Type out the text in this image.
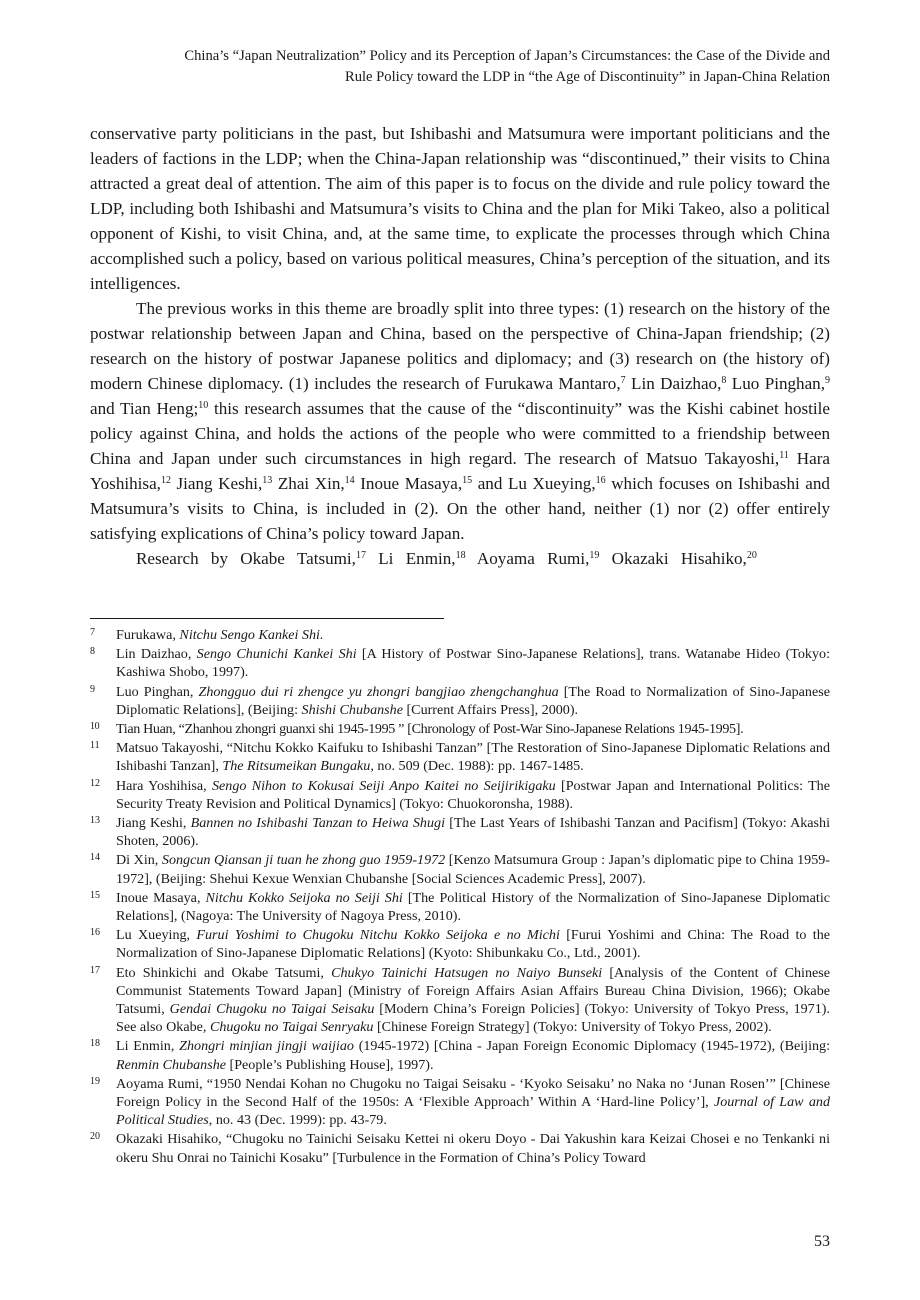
China’s “Japan Neutralization” Policy and its Perception of Japan’s Circumstances: the Case of the Divide and
Rule Policy toward the LDP in “the Age of Discontinuity” in Japan-China Relation

conservative party politicians in the past, but Ishibashi and Matsumura were important politicians and the leaders of factions in the LDP; when the China-Japan relationship was “discontinued,” their visits to China attracted a great deal of attention. The aim of this paper is to focus on the divide and rule policy toward the LDP, including both Ishibashi and Matsumura’s visits to China and the plan for Miki Takeo, also a political opponent of Kishi, to visit China, and, at the same time, to explicate the processes through which China accomplished such a policy, based on various political measures, China’s perception of the situation, and its intelligences.

The previous works in this theme are broadly split into three types: (1) research on the history of the postwar relationship between Japan and China, based on the perspective of China-Japan friendship; (2) research on the history of postwar Japanese politics and diplomacy; and (3) research on (the history of) modern Chinese diplomacy. (1) includes the research of Furukawa Mantaro,$^7$ Lin Daizhao,$^8$ Luo Pinghan,$^9$ and Tian Heng;$^{10}$ this research assumes that the cause of the “discontinuity” was the Kishi cabinet hostile policy against China, and holds the actions of the people who were committed to a friendship between China and Japan under such circumstances in high regard. The research of Matsuo Takayoshi,$^{11}$ Hara Yoshihisa,$^{12}$ Jiang Keshi,$^{13}$ Zhai Xin,$^{14}$ Inoue Masaya,$^{15}$ and Lu Xueying,$^{16}$ which focuses on Ishibashi and Matsumura’s visits to China, is included in (2). On the other hand, neither (1) nor (2) offer entirely satisfying explications of China’s policy toward Japan.

Research by Okabe Tatsumi,$^{17}$ Li Enmin,$^{18}$ Aoyama Rumi,$^{19}$ Okazaki Hisahiko,$^{20}$

7 Furukawa, Nitchu Sengo Kankei Shi.
8 Lin Daizhao, Sengo Chunichi Kankei Shi [A History of Postwar Sino-Japanese Relations], trans. Watanabe Hideo (Tokyo: Kashiwa Shobo, 1997).
9 Luo Pinghan, Zhongguo dui ri zhengce yu zhongri bangjiao zhengchanghua [The Road to Normalization of Sino-Japanese Diplomatic Relations], (Beijing: Shishi Chubanshe [Current Affairs Press], 2000).
10 Tian Huan, “Zhanhou zhongri guanxi shi 1945-1995 ” [Chronology of Post-War Sino-Japanese Relations 1945-1995].
11 Matsuo Takayoshi, “Nitchu Kokko Kaifuku to Ishibashi Tanzan” [The Restoration of Sino-Japanese Diplomatic Relations and Ishibashi Tanzan], The Ritsumeikan Bungaku, no. 509 (Dec. 1988): pp. 1467-1485.
12 Hara Yoshihisa, Sengo Nihon to Kokusai Seiji Anpo Kaitei no Seijirikigaku [Postwar Japan and International Politics: The Security Treaty Revision and Political Dynamics] (Tokyo: Chuokoronsha, 1988).
13 Jiang Keshi, Bannen no Ishibashi Tanzan to Heiwa Shugi [The Last Years of Ishibashi Tanzan and Pacifism] (Tokyo: Akashi Shoten, 2006).
14 Di Xin, Songcun Qiansan ji tuan he zhong guo 1959-1972 [Kenzo Matsumura Group : Japan’s diplomatic pipe to China 1959-1972], (Beijing: Shehui Kexue Wenxian Chubanshe [Social Sciences Academic Press], 2007).
15 Inoue Masaya, Nitchu Kokko Seijoka no Seiji Shi [The Political History of the Normalization of Sino-Japanese Diplomatic Relations], (Nagoya: The University of Nagoya Press, 2010).
16 Lu Xueying, Furui Yoshimi to Chugoku Nitchu Kokko Seijoka e no Michi [Furui Yoshimi and China: The Road to the Normalization of Sino-Japanese Diplomatic Relations] (Kyoto: Shibunkaku Co., Ltd., 2001).
17 Eto Shinkichi and Okabe Tatsumi, Chukyo Tainichi Hatsugen no Naiyo Bunseki [Analysis of the Content of Chinese Communist Statements Toward Japan] (Ministry of Foreign Affairs Asian Affairs Bureau China Division, 1966); Okabe Tatsumi, Gendai Chugoku no Taigai Seisaku [Modern China’s Foreign Policies] (Tokyo: University of Tokyo Press, 1971). See also Okabe, Chugoku no Taigai Senryaku [Chinese Foreign Strategy] (Tokyo: University of Tokyo Press, 2002).
18 Li Enmin, Zhongri minjian jingji waijiao (1945-1972) [China - Japan Foreign Economic Diplomacy (1945-1972), (Beijing: Renmin Chubanshe [People’s Publishing House], 1997).
19 Aoyama Rumi, “1950 Nendai Kohan no Chugoku no Taigai Seisaku - ‘Kyoko Seisaku’ no Naka no ‘Junan Rosen’” [Chinese Foreign Policy in the Second Half of the 1950s: A ‘Flexible Approach’ Within A ‘Hard-line Policy’], Journal of Law and Political Studies, no. 43 (Dec. 1999): pp. 43-79.
20 Okazaki Hisahiko, “Chugoku no Tainichi Seisaku Kettei ni okeru Doyo - Dai Yakushin kara Keizai Chosei e no Tenkanki ni okeru Shu Onrai no Tainichi Kosaku” [Turbulence in the Formation of China’s Policy Toward
53
